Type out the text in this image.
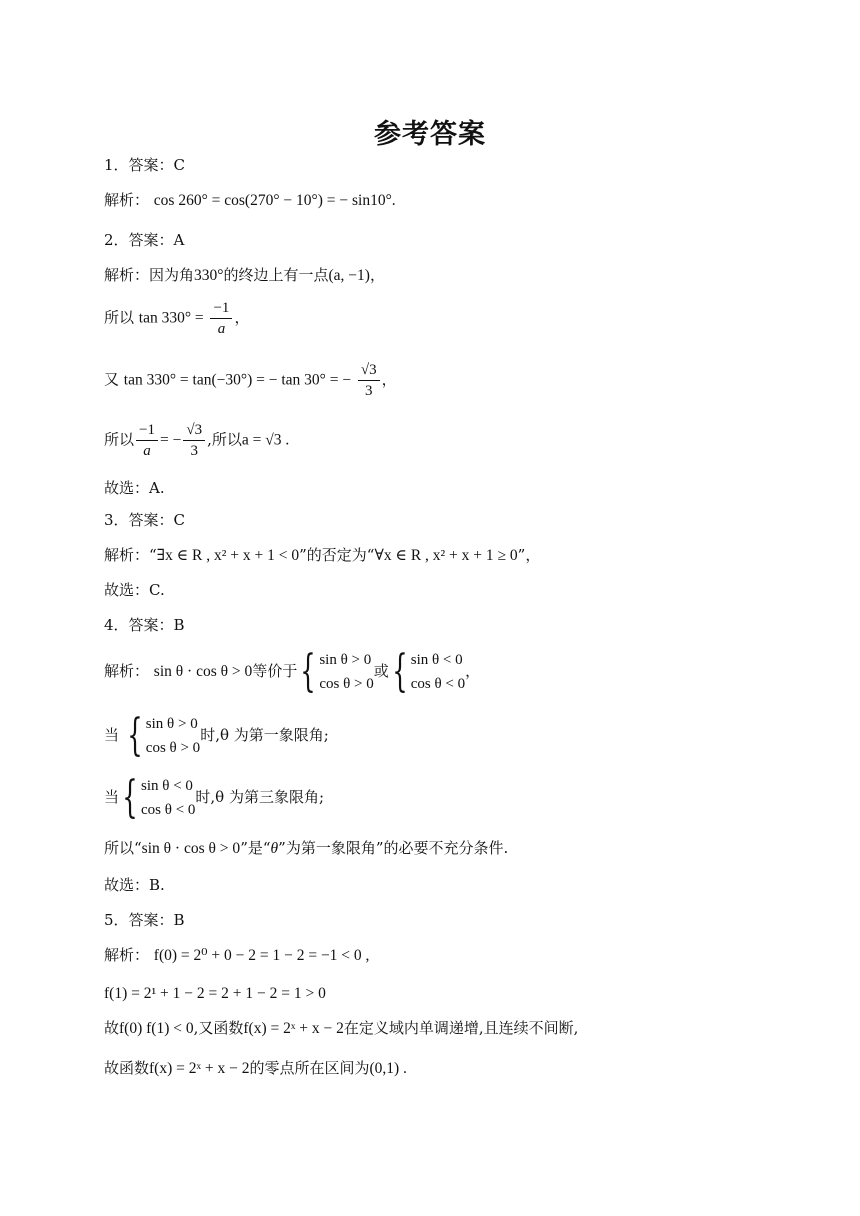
参考答案
1．答案：C
解析： cos 260° = cos(270° − 10°) = − sin10°.
2．答案：A
解析：因为角330°的终边上有一点(a, −1)，
所以 $\tan 330^\circ = \frac{-1}{a}$ ，
又 tan 330° = tan(−30°) = − tan 30° = − $\frac{√3}{3}$ ，
所以 $\frac{-1}{a}$ = − $\frac{√3}{3}$ ,所以a = √3 .
故选：A.
3．答案：C
解析：“∃x ∈ R , x² + x + 1 < 0”的否定为“∀x ∈ R , x² + x + 1 ≥ 0”，
故选：C.
4．答案：B
解析： sin θ · cos θ > 0等价于{ sin θ > 0
cos θ > 0
或{ sin θ < 0
cos θ < 0
，
当 { sin θ > 0
cos θ > 0
时,θ 为第一象限角;
当{ sin θ < 0
cos θ < 0
时,θ 为第三象限角;
所以“sin θ · cos θ > 0”是“θ”为第一象限角”的必要不充分条件.
故选：B.
5．答案：B
解析： f(0) = 2⁰ + 0 − 2 = 1 − 2 = −1 < 0 ,
f(1) = 2¹ + 1 − 2 = 2 + 1 − 2 = 1 > 0
故f(0) f(1) < 0,又函数f(x) = 2ˣ + x − 2在定义域内单调递增,且连续不间断,
故函数f(x) = 2ˣ + x − 2的零点所在区间为(0,1) .
